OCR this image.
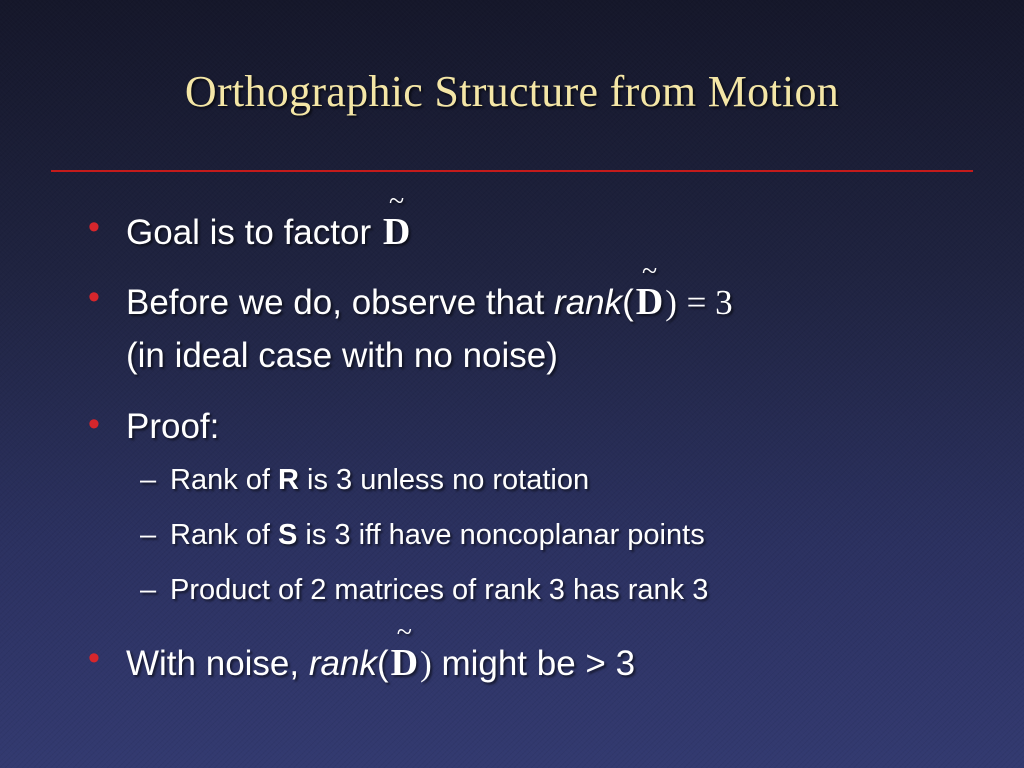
Orthographic Structure from Motion
• Goal is to factor
~
D
• Before we do, observe that rank(
~
D) = 3
(in ideal case with no noise)
• Proof:
– Rank of R is 3 unless no rotation
– Rank of S is 3 iff have noncoplanar points
– Product of 2 matrices of rank 3 has rank 3
• With noise, rank(
~
D) might be > 3
